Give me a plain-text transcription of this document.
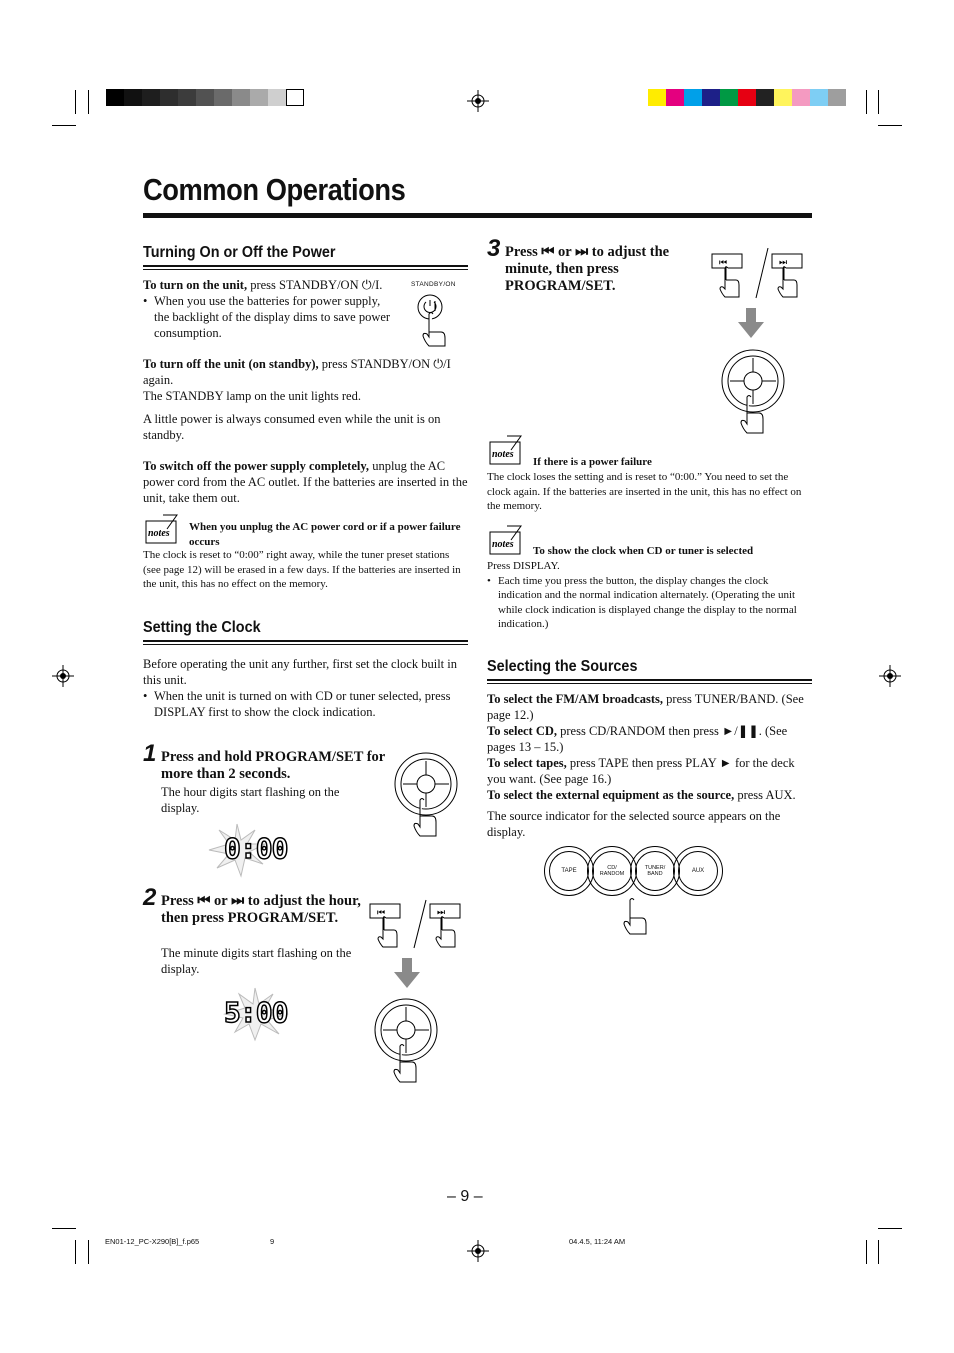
Common Operations
Turning On or Off the Power
To turn on the unit, press STANDBY/ON ⏻/I.
• When you use the batteries for power supply, the backlight of the display dims to save power consumption.
STANDBY/ON
To turn off the unit (on standby), press STANDBY/ON ⏻/I again.
The STANDBY lamp on the unit lights red.
A little power is always consumed even while the unit is on standby.
To switch off the power supply completely, unplug the AC power cord from the AC outlet. If the batteries are inserted in the unit, take them out.
notes
When you unplug the AC power cord or if a power failure occurs
The clock is reset to “0:00” right away, while the tuner preset stations (see page 12) will be erased in a few days. If the batteries are inserted in the unit, this has no effect on the memory.
Setting the Clock
Before operating the unit any further, first set the clock built in this unit.
• When the unit is turned on with CD or tuner selected, press DISPLAY first to show the clock indication.
1 Press and hold PROGRAM/SET for more than 2 seconds.
The hour digits start flashing on the display.
0:00
2 Press ⏮ or ⏭ to adjust the hour, then press PROGRAM/SET.
The minute digits start flashing on the display.
⏮	⏭
5:00
3 Press ⏮ or ⏭ to adjust the minute, then press PROGRAM/SET.
⏮	⏭
notes
If there is a power failure
The clock loses the setting and is reset to “0:00.” You need to set the clock again. If the batteries are inserted in the unit, this has no effect on the memory.
notes
To show the clock when CD or tuner is selected
Press DISPLAY.
• Each time you press the button, the display changes the clock indication and the normal indication alternately. (Operating the unit while clock indication is displayed change the display to the normal indication.)
Selecting the Sources
To select the FM/AM broadcasts, press TUNER/BAND. (See page 12.)
To select CD, press CD/RANDOM then press ►/❚❚. (See pages 13 – 15.)
To select tapes, press TAPE then press PLAY ► for the deck you want. (See page 16.)
To select the external equipment as the source, press AUX.
The source indicator for the selected source appears on the display.
TAPE	CD/
RANDOM
TUNER/
BAND	AUX
– 9 –
EN01-12_PC-X290[B]_f.p65	9	04.4.5, 11:24 AM
